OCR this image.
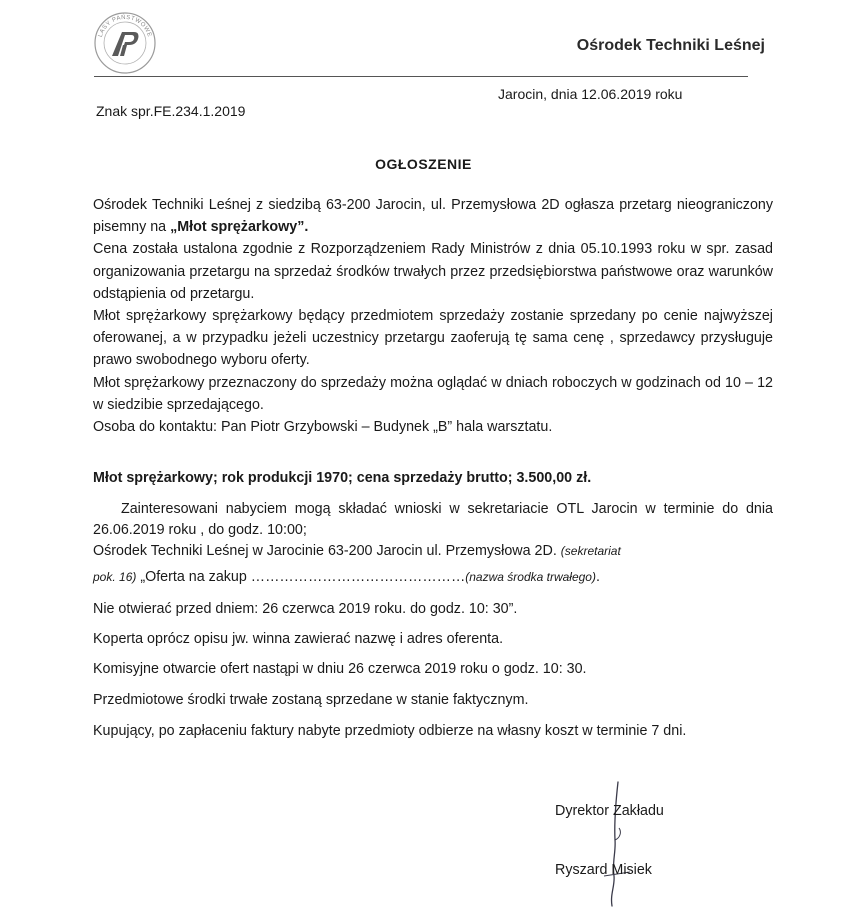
LASY PAŃSTWOWE
Ośrodek Techniki Leśnej
Jarocin, dnia 12.06.2019 roku
Znak spr.FE.234.1.2019
OGŁOSZENIE

Ośrodek Techniki Leśnej z siedzibą 63-200 Jarocin, ul. Przemysłowa 2D ogłasza przetarg nieograniczony pisemny na „Młot sprężarkowy”.

Cena została ustalona zgodnie z Rozporządzeniem Rady Ministrów z dnia 05.10.1993 roku w spr. zasad organizowania przetargu na sprzedaż środków trwałych przez przedsiębiorstwa państwowe oraz warunków odstąpienia od przetargu.

Młot sprężarkowy sprężarkowy będący przedmiotem sprzedaży zostanie sprzedany po cenie najwyższej oferowanej, a w przypadku jeżeli uczestnicy przetargu zaoferują tę sama cenę , sprzedawcy przysługuje prawo swobodnego wyboru oferty.

Młot sprężarkowy przeznaczony do sprzedaży można oglądać w dniach roboczych w godzinach od 10 – 12 w siedzibie sprzedającego.

Osoba do kontaktu: Pan Piotr Grzybowski – Budynek „B” hala warsztatu.

Młot sprężarkowy; rok produkcji 1970; cena sprzedaży brutto; 3.500,00 zł.

Zainteresowani nabyciem mogą składać wnioski w sekretariacie OTL Jarocin w terminie do dnia 26.06.2019 roku , do godz. 10:00;

Ośrodek Techniki Leśnej w Jarocinie 63-200 Jarocin ul. Przemysłowa 2D. (sekretariat

pok. 16) „Oferta na zakup ………………………………………(nazwa środka trwałego).
Nie otwierać przed dniem: 26 czerwca 2019 roku. do godz. 10: 30”.
Koperta oprócz opisu jw. winna zawierać nazwę i adres oferenta.
Komisyjne otwarcie ofert nastąpi w dniu 26 czerwca 2019 roku o godz. 10: 30.
Przedmiotowe środki trwałe zostaną sprzedane w stanie faktycznym.
Kupujący, po zapłaceniu faktury nabyte przedmioty odbierze na własny koszt w terminie 7 dni.
Dyrektor Zakładu
Ryszard Misiek
